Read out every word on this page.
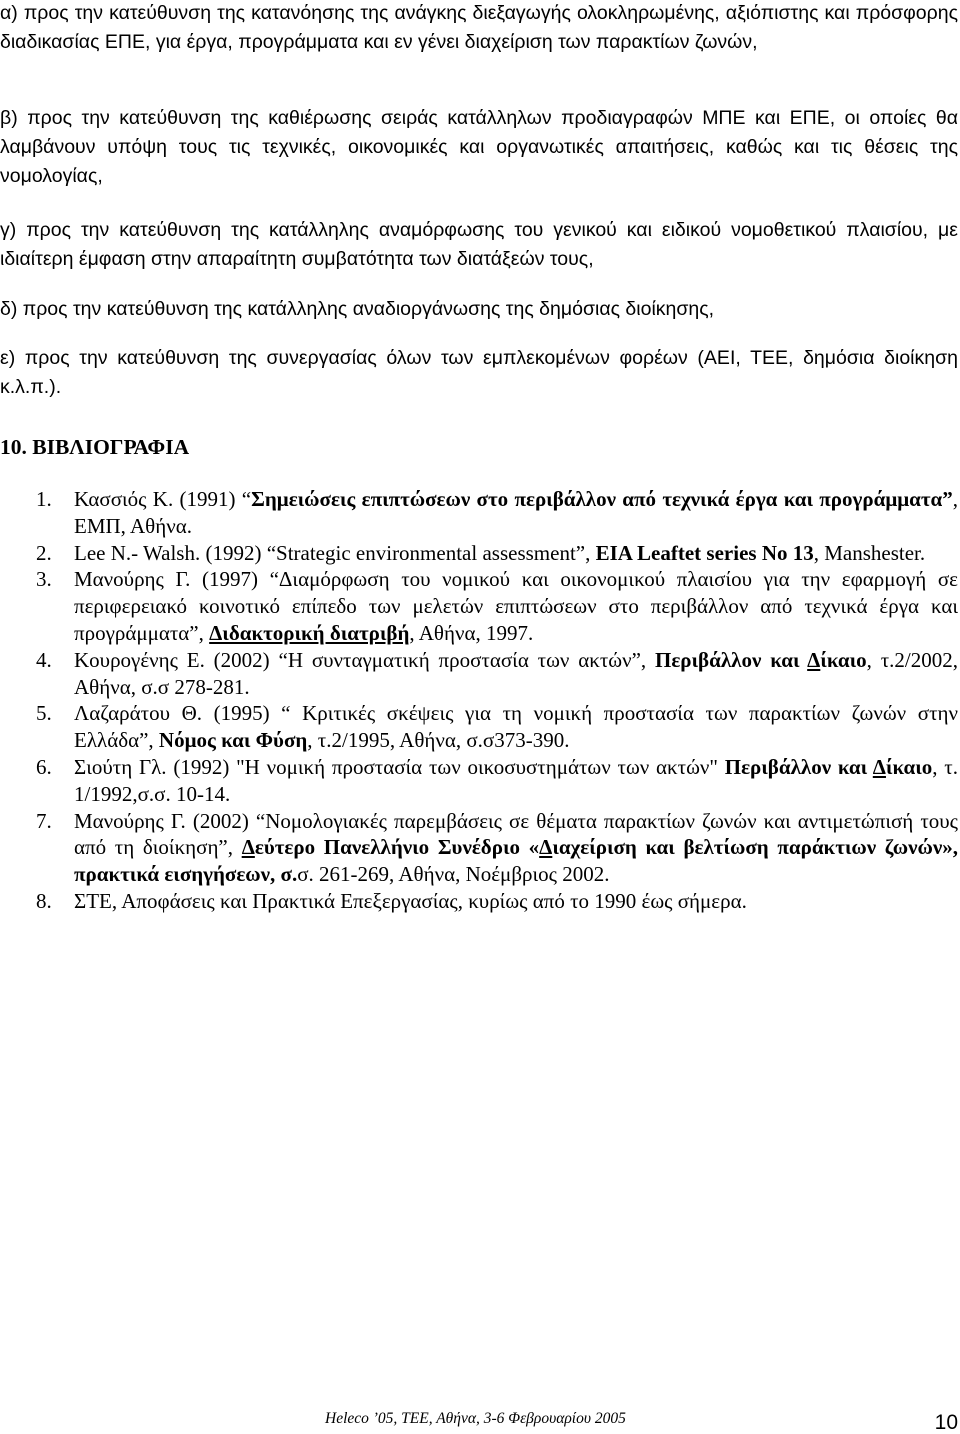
α) προς την κατεύθυνση της κατανόησης της ανάγκης διεξαγωγής ολοκληρωμένης, αξιόπιστης και πρόσφορης διαδικασίας ΕΠΕ, για έργα, προγράμματα και εν γένει διαχείριση των παρακτίων ζωνών,

β) προς την κατεύθυνση της καθιέρωσης σειράς κατάλληλων προδιαγραφών ΜΠΕ και ΕΠΕ, οι οποίες θα λαμβάνουν υπόψη τους τις τεχνικές, οικονομικές και οργανωτικές απαιτήσεις, καθώς και τις θέσεις της νομολογίας,

γ) προς την κατεύθυνση της κατάλληλης αναμόρφωσης του γενικού και ειδικού νομοθετικού πλαισίου, με ιδιαίτερη έμφαση στην απαραίτητη συμβατότητα των διατάξεών τους,

δ) προς την κατεύθυνση της κατάλληλης αναδιοργάνωσης της δημόσιας διοίκησης,

ε) προς την κατεύθυνση της συνεργασίας όλων των εμπλεκομένων φορέων (ΑΕΙ, ΤΕΕ, δημόσια διοίκηση κ.λ.π.).

10. ΒΙΒΛΙΟΓΡΑΦΙΑ
1. Κασσιός Κ. (1991) “Σημειώσεις επιπτώσεων στο περιβάλλον από τεχνικά έργα και προγράμματα”, ΕΜΠ, Αθήνα.
2. Lee N.- Walsh. (1992) “Strategic environmental assessment”, EIA Leaftet series No 13, Manshester.
3. Μανούρης Γ. (1997) “Διαμόρφωση του νομικού και οικονομικού πλαισίου για την εφαρμογή σε περιφερειακό κοινοτικό επίπεδο των μελετών επιπτώσεων στο περιβάλλον από τεχνικά έργα και προγράμματα”, Διδακτορική διατριβή, Αθήνα, 1997.
4. Κουρογένης Ε. (2002) “Η συνταγματική προστασία των ακτών”, Περιβάλλον και Δίκαιο, τ.2/2002, Αθήνα, σ.σ 278-281.
5. Λαζαράτου Θ. (1995) “ Κριτικές σκέψεις για τη νομική προστασία των παρακτίων ζωνών στην Ελλάδα”, Νόμος και Φύση, τ.2/1995, Αθήνα, σ.σ373-390.
6. Σιούτη Γλ. (1992) "Η νομική προστασία των οικοσυστημάτων των ακτών" Περιβάλλον και Δίκαιο, τ. 1/1992,σ.σ. 10-14.
7. Μανούρης Γ. (2002) “Νομολογιακές παρεμβάσεις σε θέματα παρακτίων ζωνών και αντιμετώπισή τους από τη διοίκηση”, Δεύτερο Πανελλήνιο Συνέδριο «Διαχείριση και βελτίωση παράκτιων ζωνών», πρακτικά εισηγήσεων, σ.σ. 261-269, Αθήνα, Νοέμβριος 2002.
8. ΣΤΕ, Αποφάσεις και Πρακτικά Επεξεργασίας, κυρίως από το 1990 έως σήμερα.
Heleco ’05, ΤΕΕ, Αθήνα, 3-6 Φεβρουαρίου 2005	10
